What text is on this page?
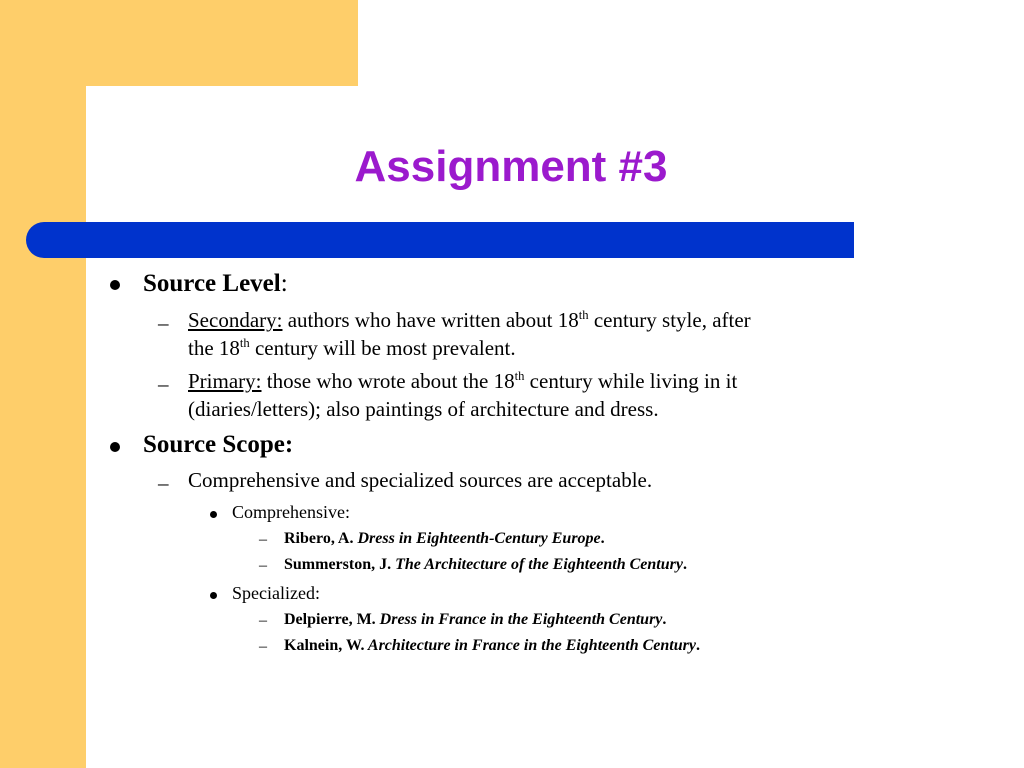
Assignment #3
Source Level:
– Secondary: authors who have written about 18th century style, after
the 18th century will be most prevalent.
– Primary: those who wrote about the 18th century while living in it
(diaries/letters); also paintings of architecture and dress.
Source Scope:
– Comprehensive and specialized sources are acceptable.
Comprehensive:
– Ribero, A. Dress in Eighteenth-Century Europe.
– Summerston, J. The Architecture of the Eighteenth Century.
Specialized:
– Delpierre, M. Dress in France in the Eighteenth Century.
– Kalnein, W. Architecture in France in the Eighteenth Century.
